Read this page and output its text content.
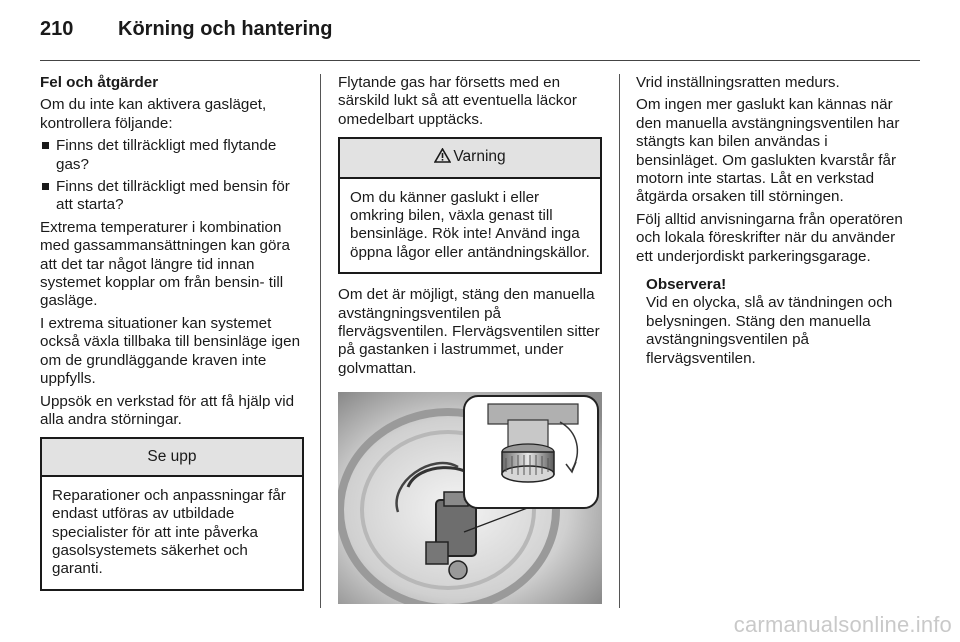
210 Körning och hantering

Fel och åtgärder

Om du inte kan aktivera gasläget, kontrollera följande:

Finns det tillräckligt med flytande gas?
Finns det tillräckligt med bensin för att starta?

Extrema temperaturer i kombination med gassammansättningen kan göra att det tar något längre tid innan systemet kopplar om från bensin- till gasläge.

I extrema situationer kan systemet också växla tillbaka till bensinläge igen om de grundläggande kraven inte uppfylls.

Uppsök en verkstad för att få hjälp vid alla andra störningar.

Se upp
Reparationer och anpassningar får endast utföras av utbildade specialister för att inte påverka gasolsystemets säkerhet och garanti.

Flytande gas har försetts med en särskild lukt så att eventuella läckor omedelbart upptäcks.

Varning
Om du känner gaslukt i eller omkring bilen, växla genast till bensinläge. Rök inte! Använd inga öppna lågor eller antändningskällor.

Om det är möjligt, stäng den manuella avstängningsventilen på flervägsventilen. Flervägsventilen sitter på gastanken i lastrummet, under golvmattan.

Vrid inställningsratten medurs.

Om ingen mer gaslukt kan kännas när den manuella avstängningsventilen har stängts kan bilen användas i bensinläget. Om gaslukten kvarstår får motorn inte startas. Låt en verkstad åtgärda orsaken till störningen.

Följ alltid anvisningarna från operatören och lokala föreskrifter när du använder ett underjordiskt parkeringsgarage.

Observera!

Vid en olycka, slå av tändningen och belysningen. Stäng den manuella avstängningsventilen på flervägsventilen.

carmanualsonline.info
